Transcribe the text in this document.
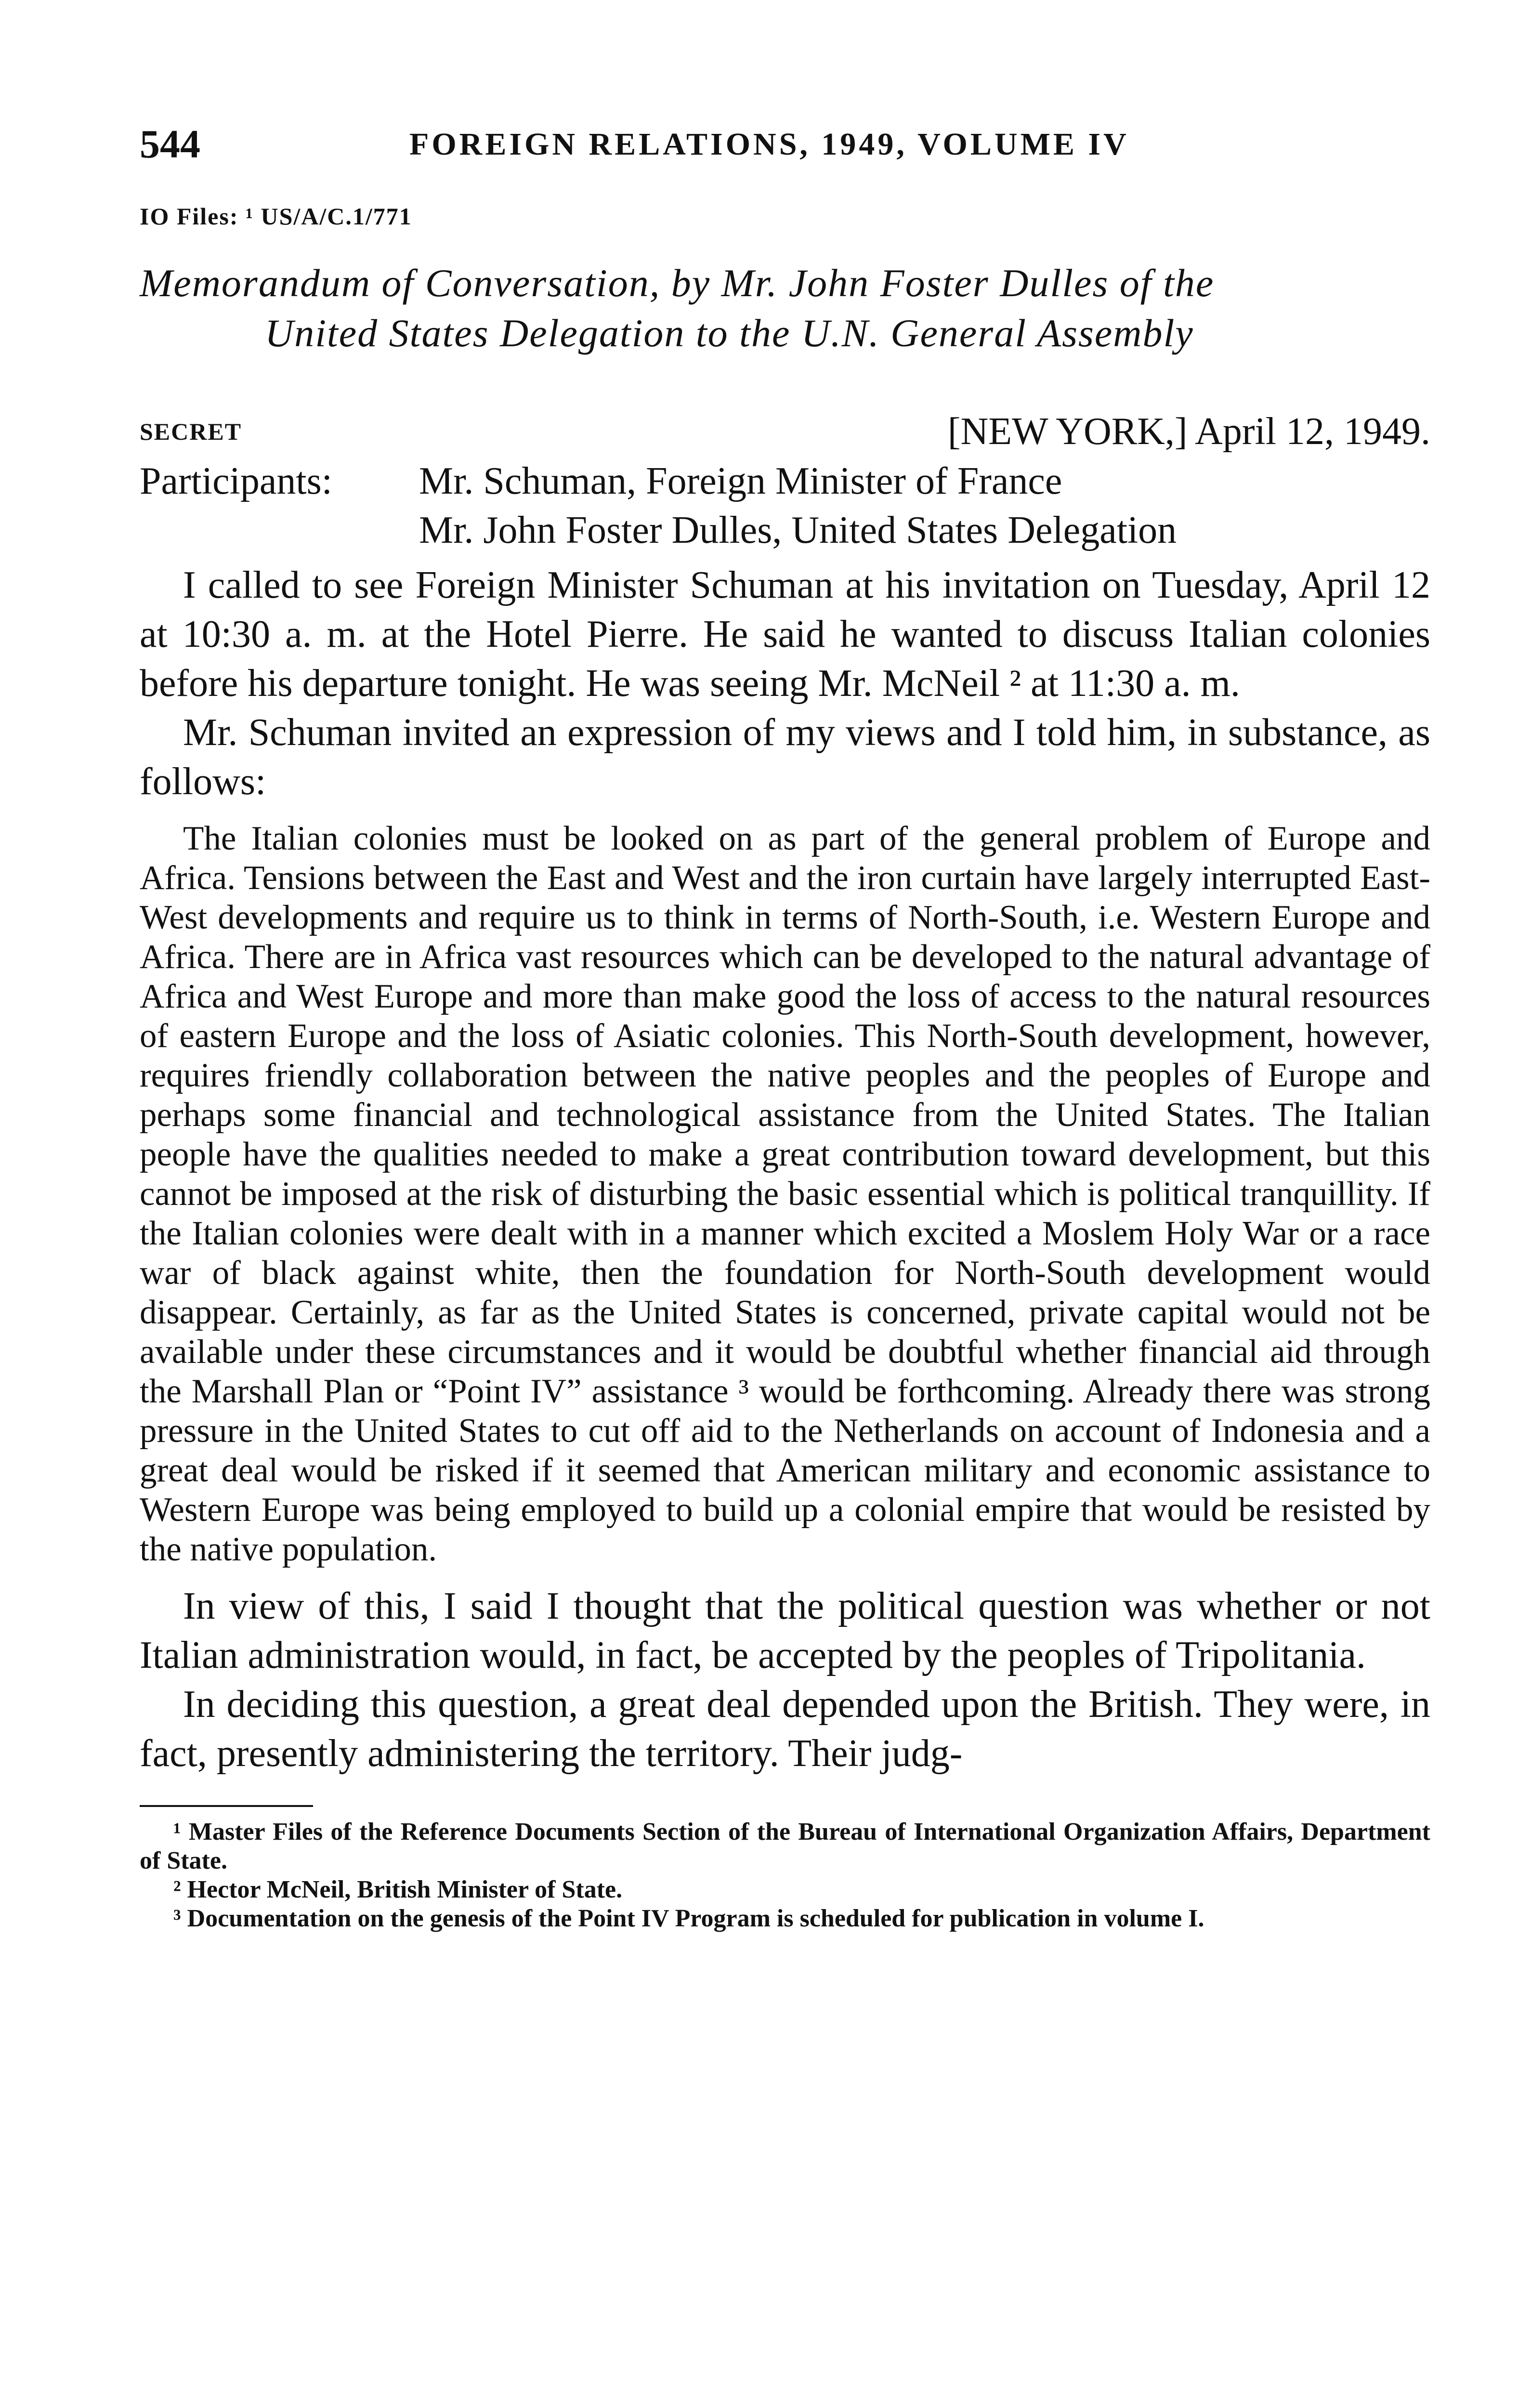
544	FOREIGN RELATIONS, 1949, VOLUME IV
IO Files: ¹ US/A/C.1/771
Memorandum of Conversation, by Mr. John Foster Dulles of the
United States Delegation to the U.N. General Assembly
SECRET	[NEW YORK,] April 12, 1949.
Participants:	Mr. Schuman, Foreign Minister of France
Mr. John Foster Dulles, United States Delegation

I called to see Foreign Minister Schuman at his invitation on Tuesday, April 12 at 10:30 a. m. at the Hotel Pierre. He said he wanted to discuss Italian colonies before his departure tonight. He was seeing Mr. McNeil ² at 11:30 a. m.

Mr. Schuman invited an expression of my views and I told him, in substance, as follows:

The Italian colonies must be looked on as part of the general problem of Europe and Africa. Tensions between the East and West and the iron curtain have largely interrupted East-West developments and require us to think in terms of North-South, i.e. Western Europe and Africa. There are in Africa vast resources which can be developed to the natural advantage of Africa and West Europe and more than make good the loss of access to the natural resources of eastern Europe and the loss of Asiatic colonies. This North-South development, however, requires friendly collaboration between the native peoples and the peoples of Europe and perhaps some financial and technological assistance from the United States. The Italian people have the qualities needed to make a great contribution toward development, but this cannot be imposed at the risk of disturbing the basic essential which is political tranquillity. If the Italian colonies were dealt with in a manner which excited a Moslem Holy War or a race war of black against white, then the foundation for North-South development would disappear. Certainly, as far as the United States is concerned, private capital would not be available under these circumstances and it would be doubtful whether financial aid through the Marshall Plan or “Point IV” assistance ³ would be forthcoming. Already there was strong pressure in the United States to cut off aid to the Netherlands on account of Indonesia and a great deal would be risked if it seemed that American military and economic assistance to Western Europe was being employed to build up a colonial empire that would be resisted by the native population.

In view of this, I said I thought that the political question was whether or not Italian administration would, in fact, be accepted by the peoples of Tripolitania.

In deciding this question, a great deal depended upon the British. They were, in fact, presently administering the territory. Their judg-

¹ Master Files of the Reference Documents Section of the Bureau of International Organization Affairs, Department of State.

² Hector McNeil, British Minister of State.

³ Documentation on the genesis of the Point IV Program is scheduled for publication in volume I.
